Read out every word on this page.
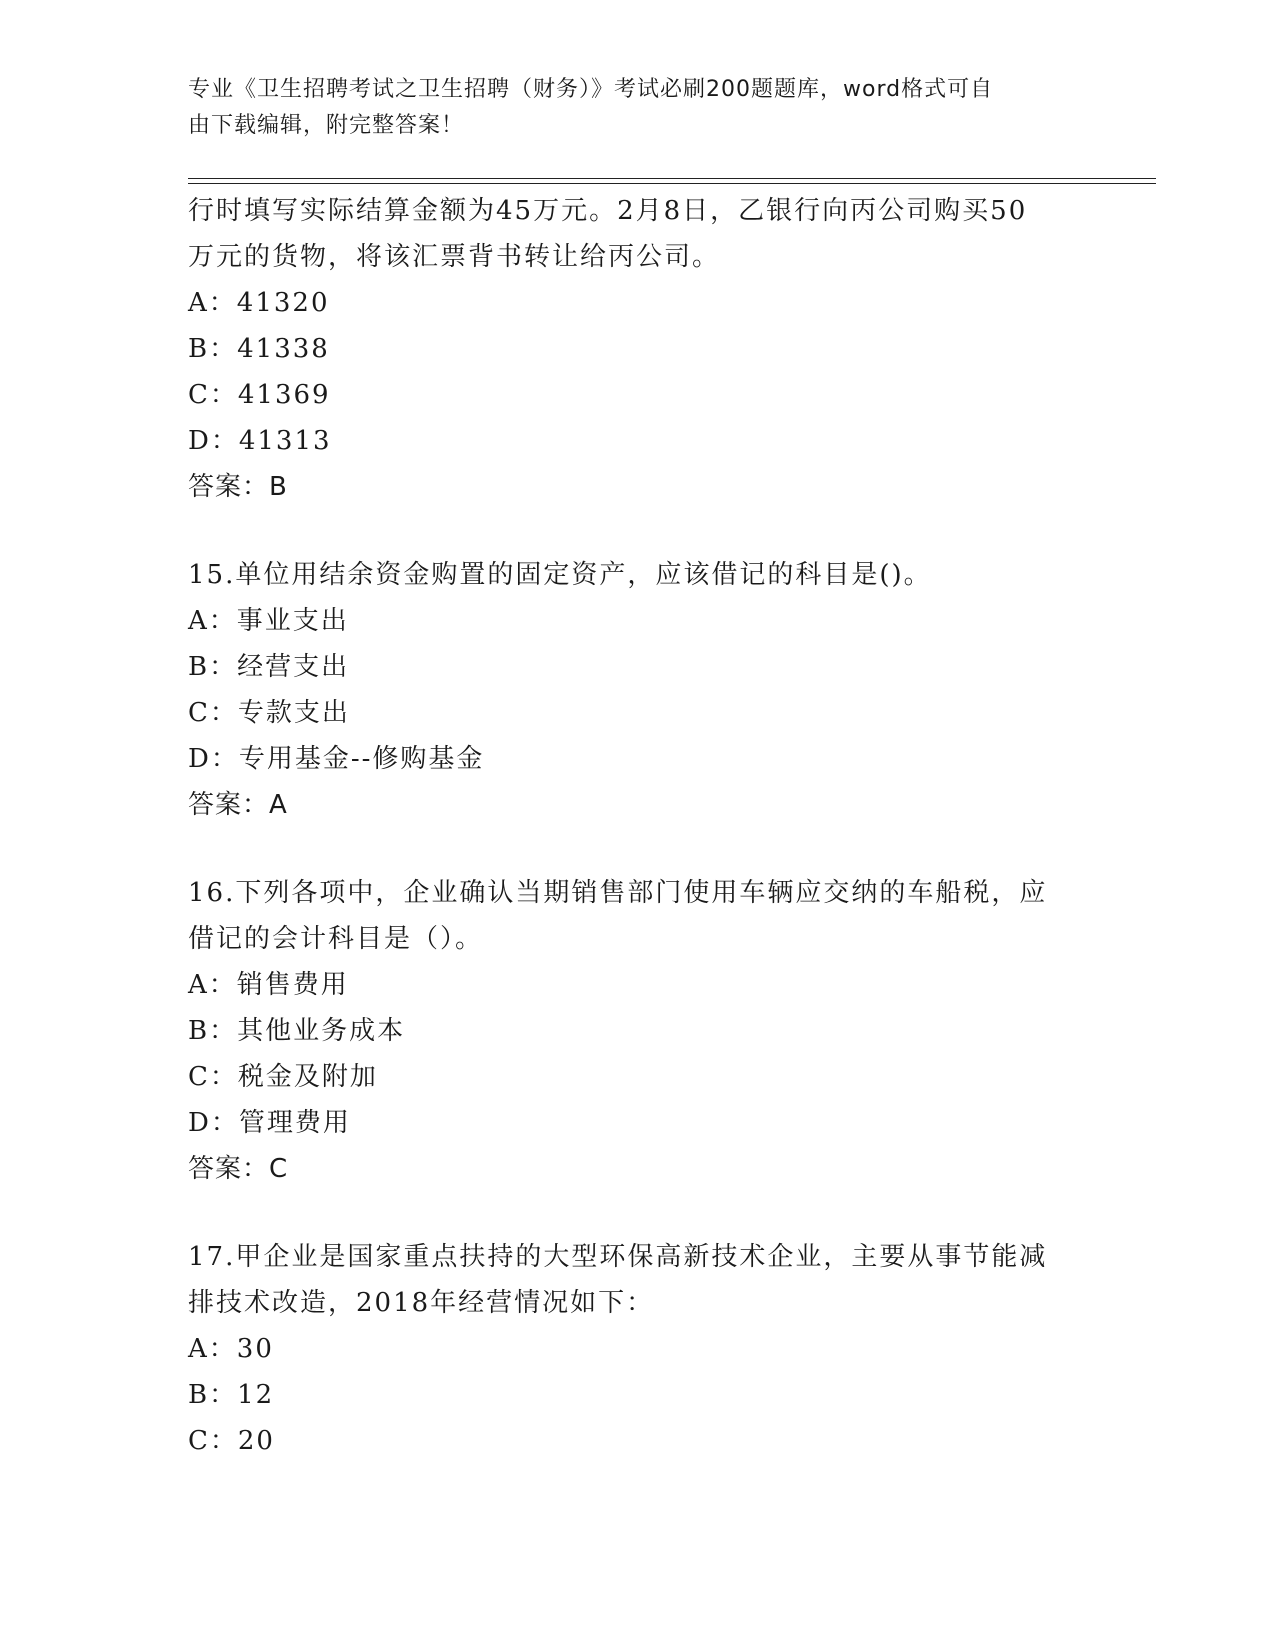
专业《卫生招聘考试之卫生招聘（财务）》考试必刷200题题库，word格式可自
由下载编辑，附完整答案！
行时填写实际结算金额为45万元。2月8日，乙银行向丙公司购买50
万元的货物，将该汇票背书转让给丙公司。
A：41320
B：41338
C：41369
D：41313
答案：B
15.单位用结余资金购置的固定资产，应该借记的科目是()。
A：事业支出
B：经营支出
C：专款支出
D：专用基金--修购基金
答案：A
16.下列各项中，企业确认当期销售部门使用车辆应交纳的车船税，应
借记的会计科目是（）。
A：销售费用
B：其他业务成本
C：税金及附加
D：管理费用
答案：C
17.甲企业是国家重点扶持的大型环保高新技术企业，主要从事节能减
排技术改造，2018年经营情况如下：
A：30
B：12
C：20
